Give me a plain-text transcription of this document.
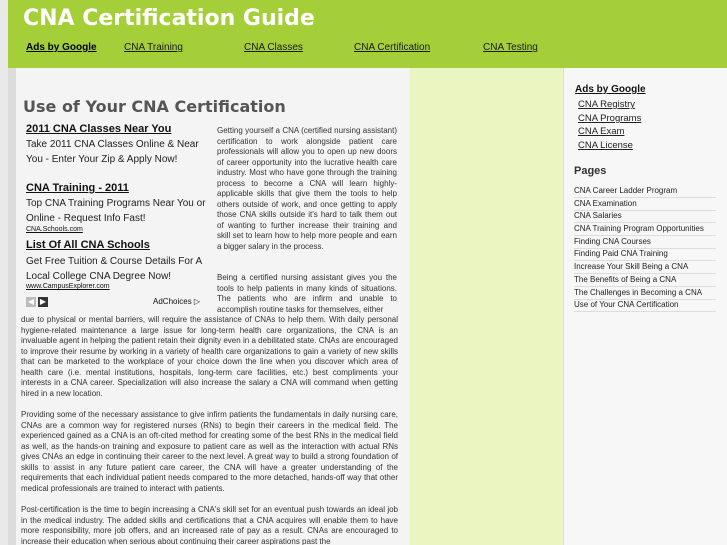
CNA Certification Guide
Ads by Google	CNA Training	CNA Classes	CNA Certification	CNA Testing
Use of Your CNA Certification
2011 CNA Classes Near You
Take 2011 CNA Classes Online & Near You - Enter Your Zip & Apply Now!
CNA Training - 2011
Top CNA Training Programs Near You or Online - Request Info Fast!
CNA.Schools.com
List Of All CNA Schools
Get Free Tuition & Course Details For A Local College CNA Degree Now!
www.CampusExplorer.com
◀ ▶	AdChoices ▷
Getting yourself a CNA (certified nursing assistant) certification to work alongside patient care professionals will allow you to open up new doors of career opportunity into the lucrative health care industry. Most who have gone through the training process to become a CNA will learn highly-applicable skills that give them the tools to help others outside of work, and once getting to apply those CNA skills outside it's hard to talk them out of wanting to further increase their training and skill set to learn how to help more people and earn a bigger salary in the process.
Being a certified nursing assistant gives you the tools to help patients in many kinds of situations. The patients who are infirm and unable to accomplish routine tasks for themselves, either
due to physical or mental barriers, will require the assistance of CNAs to help them. With daily personal hygiene-related maintenance a large issue for long-term health care organizations, the CNA is an invaluable agent in helping the patient retain their dignity even in a debilitated state. CNAs are encouraged to improve their resume by working in a variety of health care organizations to gain a variety of new skills that can be marketed to the workplace of your choice down the line when you discover which area of health care (i.e. mental institutions, hospitals, long-term care facilities, etc.) best compliments your interests in a CNA career. Specialization will also increase the salary a CNA will command when getting hired in a new location.
Providing some of the necessary assistance to give infirm patients the fundamentals in daily nursing care, CNAs are a common way for registered nurses (RNs) to begin their careers in the medical field. The experienced gained as a CNA is an oft-cited method for creating some of the best RNs in the medical field as well, as the hands-on training and exposure to patient care as well as the interaction with actual RNs gives CNAs an edge in continuing their career to the next level. A great way to build a strong foundation of skills to assist in any future patient care career, the CNA will have a greater understanding of the requirements that each individual patient needs compared to the more detached, hands-off way that other medical professionals are trained to interact with patients.
Post-certification is the time to begin increasing a CNA's skill set for an eventual push towards an ideal job in the medical industry. The added skills and certifications that a CNA acquires will enable them to have more responsibility, more job offers, and an increased rate of pay as a result. CNAs are encouraged to increase their education when serious about continuing their career aspirations past the
Ads by Google
CNA Registry
CNA Programs
CNA Exam
CNA License
Pages
CNA Career Ladder Program
CNA Examination
CNA Salaries
CNA Training Program Opportunities
Finding CNA Courses
Finding Paid CNA Training
Increase Your Skill Being a CNA
The Benefits of Being a CNA
The Challenges in Becoming a CNA
Use of Your CNA Certification
